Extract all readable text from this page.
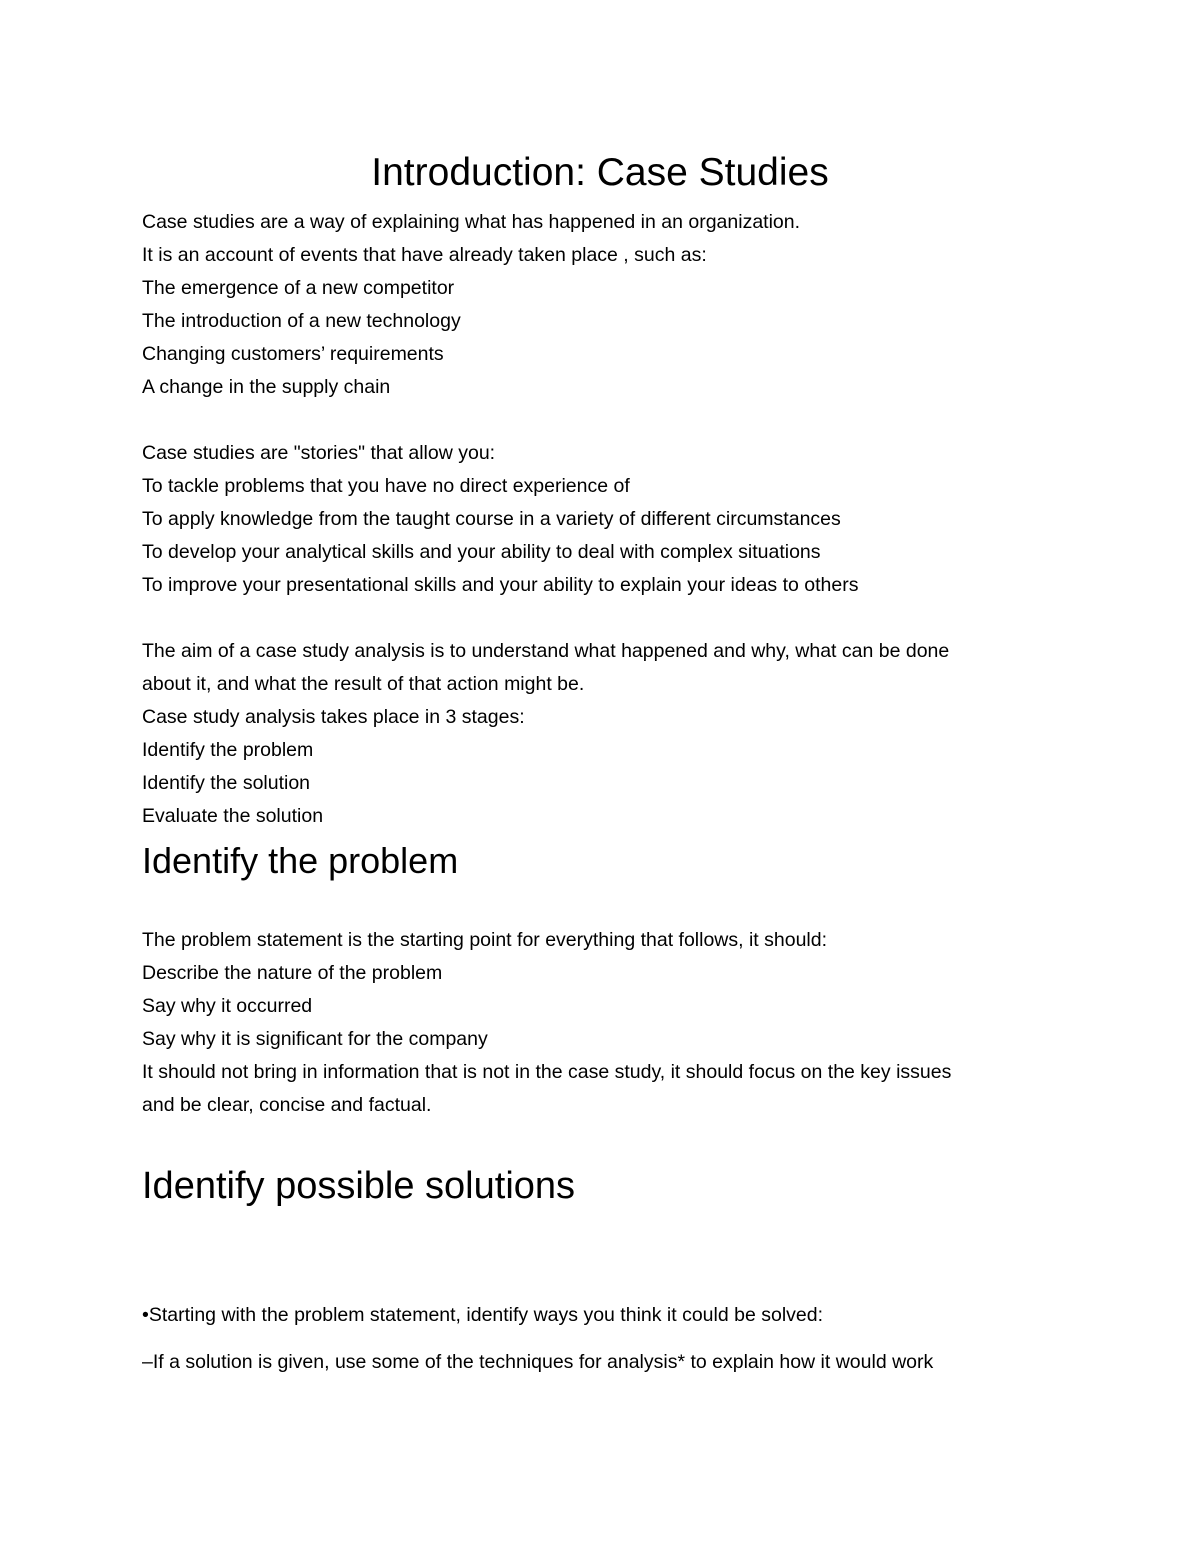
Introduction: Case Studies
Case studies are a way of explaining what has happened in an organization.
It is an account of events that have already taken place , such as:
The emergence of a new competitor
The introduction of a new technology
Changing customers’ requirements
A change in the supply chain
Case studies are "stories" that allow you:
To tackle problems that you have no direct experience of
To apply knowledge from the taught course in a variety of different circumstances
To develop your analytical skills and your ability to deal with complex situations
To improve your presentational skills and your ability to explain your ideas to others
The aim of a case study analysis is to understand what happened and why, what can be done
about it, and what the result of that action might be.
Case study analysis takes place in 3 stages:
Identify the problem
Identify the solution
Evaluate the solution
Identify the problem
The problem statement is the starting point for everything that follows, it should:
Describe the nature of the problem
Say why it occurred
Say why it is significant for the company
It should not bring in information that is not in the case study, it should focus on the key issues
and be clear, concise and factual.
Identify possible solutions
•Starting with the problem statement, identify ways you think it could be solved:
–If a solution is given, use some of the techniques for analysis* to explain how it would work
